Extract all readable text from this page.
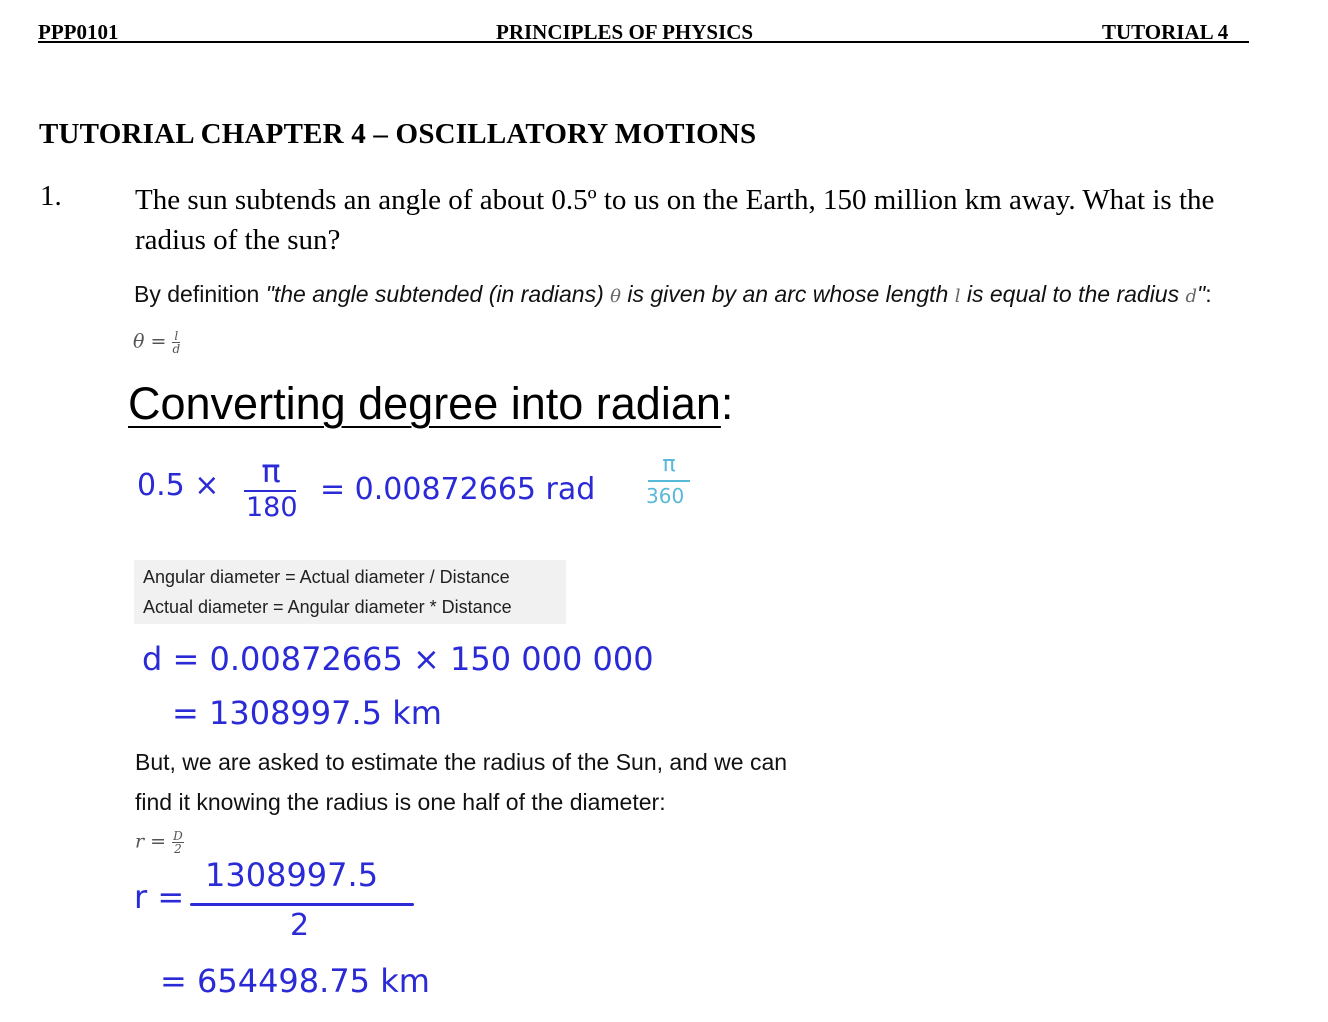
PPP0101	PRINCIPLES OF PHYSICS	TUTORIAL 4
TUTORIAL CHAPTER 4 – OSCILLATORY MOTIONS
1.	The sun subtends an angle of about 0.5º to us on the Earth, 150 million km away. What is the radius of the sun?
By definition "the angle subtended (in radians) θ is given by an arc whose length l is equal to the radius d":
$\theta = \frac{l}{d}$
Converting degree into radian:
0.5 × π
180
= 0.00872665 rad
π
360
Angular diameter = Actual diameter / Distance
Actual diameter = Angular diameter * Distance
d = 0.00872665 × 150 000 000
= 1308997.5 km
But, we are asked to estimate the radius of the Sun, and we can
find it knowing the radius is one half of the diameter:
$r = \frac{D}{2}$
r =
1308997.5
2
= 654498.75 km
